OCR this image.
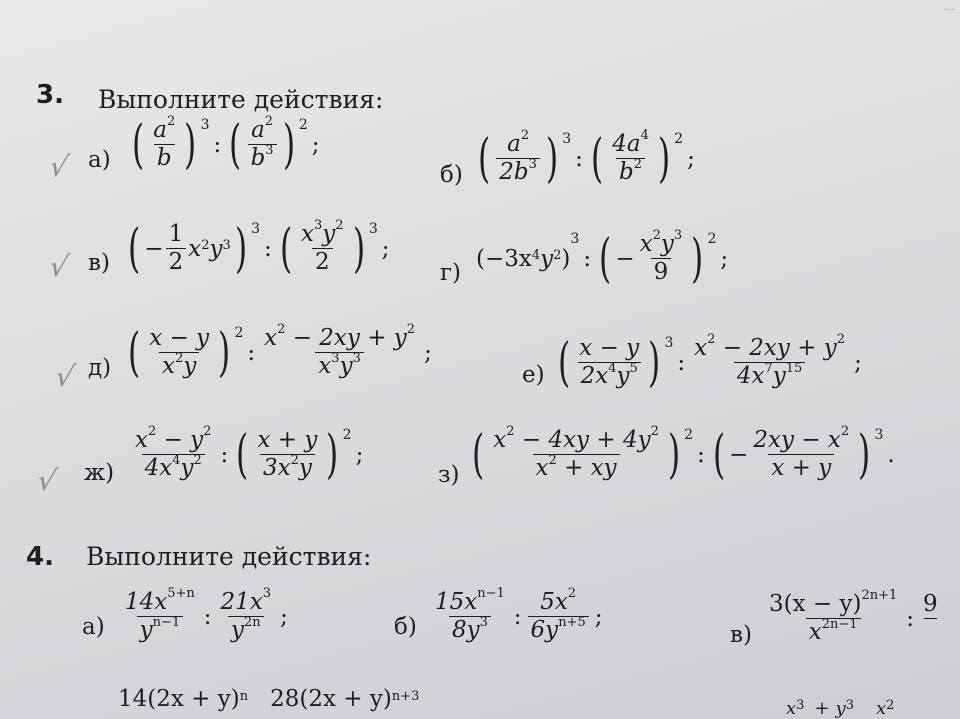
3. Выполните действия:
√ а) ( $\frac{a^2}{b}$ ) 3
: ( $\frac{a^2}{b^3}$ ) 2
;
б) ( $\frac{a^2}{2b^3}$ ) 3
: ( $\frac{4a^4}{b^2}$ ) 2
;
√ в) ( − $\frac{1}{2}$ x 2 y 3 ) 3
: ( $\frac{x^3y^2}{2}$ ) 3
;
г)
(−3x 4 y 2 )
3
: ( − $\frac{x^2y^3}{9}$ ) 2
;
√ д) ( $\frac{x - y}{x^2y}$ ) 2
: $\frac{x^2 - 2xy + y^2}{x^3y^3}$ ;
е) ( $\frac{x - y}{2x^4y^5}$ ) 3
: $\frac{x^2 - 2xy + y^2}{4x^7y^{15}}$ ;
√ $ж) \frac{x^2 - y^2}{4x^4y^2}$ : ( $\frac{x + y}{3x^2y}$ ) 2
;
з) ( $\frac{x^2 - 4xy + 4y^2}{x^2 + xy}$ ) 2
: ( − $\frac{2xy - x^2}{x + y}$ ) 3
.
4. Выполните действия:
$а) \frac{14x^{5+n}}{y^{n-1}}$ : $\frac{21x^3}{y^{2n}}$ ;	$б) \frac{15x^{n-1}}{8y^3}$ : $\frac{5x^2}{6y^{n+5}}$ ;
$в) \frac{3(x - y)^{2n+1}}{x^{2n-1}}$ :
9

14(2x + y) n 28(2x + y) n+3
x 3 + y 3 x 2
...
